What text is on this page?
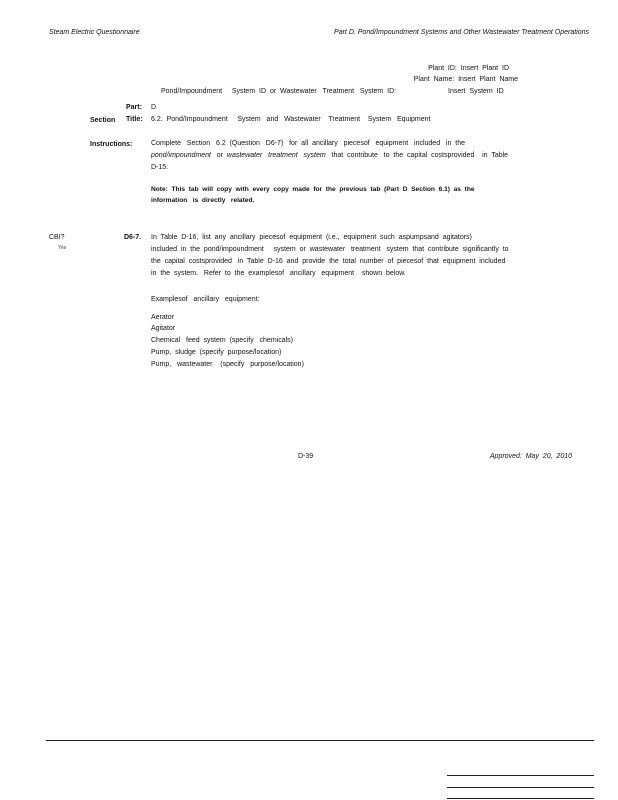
Steam Electric Questionnaire	Part D. Pond/Impoundment Systems and Other Wastewater Treatment Operations
Plant  ID:  Insert  Plant  ID
Plant  Name:  Insert  Plant  Name
Pond/Impoundment     System  ID  or  Wastewater   Treatment   System  ID:	Insert  System  ID
Part: D
Section Title: 6.2.  Pond/Impoundment     System   and   Wastewater    Treatment    System   Equipment
Instructions:	Complete   Section   6.2  (Question   D6-7)   for  all  ancillary   piecesof   equipment   included   in  the
pond/impoundment   or  wastewater   treatment   system   that  contribute   to  the  capital  costsprovided    in  Table
D-15.
Note:  This  tab  will  copy  with  every  copy  made  for  the  previous  tab  (Part  D  Section  6.1)  as  the
information   is  directly   related.
CBI?
Yes
D6-7. In  Table  D-16,  list  any  ancillary  piecesof  equipment  (i.e.,  equipment  such  aspumpsand  agitators)
included  in  the  pond/impoundment     system  or  wastewater   treatment   system  that  contribute  significantly  to
the  capital  costsprovided   in  Table  D-16  and  provide  the  total  number  of  piecesof  that  equipment  included
in  the  system.   Refer  to  the  examplesof   ancillary   equipment    shown  below.
Examplesof   ancillary   equipment:
Aerator
Agitator
Chemical   feed  system  (specify   chemicals)
Pump,  sludge  (specify  purpose/location)
Pump,   wastewater    (specify   purpose/location)
D-39	Approved:  May  20,  2010
